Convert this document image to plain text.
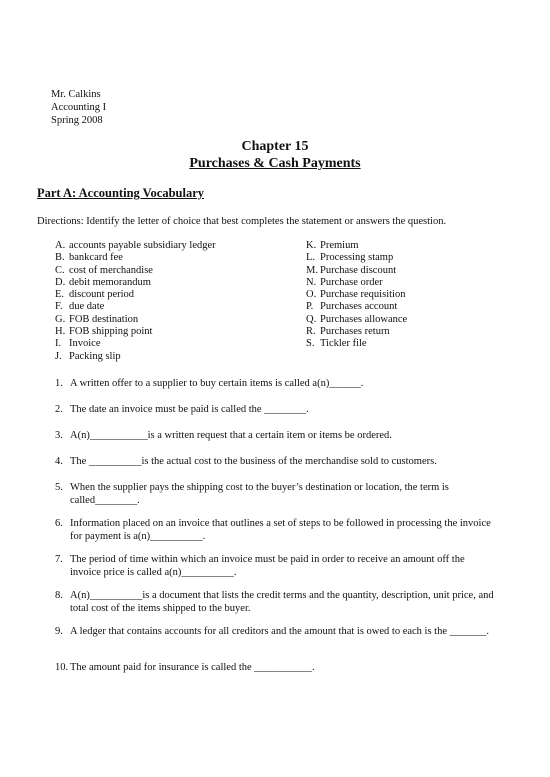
Mr. Calkins
Accounting I
Spring 2008
Chapter 15
Purchases & Cash Payments
Part A: Accounting Vocabulary
Directions: Identify the letter of choice that best completes the statement or answers the question.
A. accounts payable subsidiary ledger
B. bankcard fee
C. cost of merchandise
D. debit memorandum
E. discount period
F. due date
G. FOB destination
H. FOB shipping point
I. Invoice
J. Packing slip
K. Premium
L. Processing stamp
M. Purchase discount
N. Purchase order
O. Purchase requisition
P. Purchases account
Q. Purchases allowance
R. Purchases return
S. Tickler file
1. A written offer to a supplier to buy certain items is called a(n)______.
2. The date an invoice must be paid is called the ________.
3. A(n)___________is a written request that a certain item or items be ordered.
4. The __________is the actual cost to the business of the merchandise sold to customers.
5. When the supplier pays the shipping cost to the buyer’s destination or location, the term is called________.
6. Information placed on an invoice that outlines a set of steps to be followed in processing the invoice for payment is a(n)__________.
7. The period of time within which an invoice must be paid in order to receive an amount off the invoice price is called a(n)__________.
8. A(n)__________is a document that lists the credit terms and the quantity, description, unit price, and total cost of the items shipped to the buyer.
9. A ledger that contains accounts for all creditors and the amount that is owed to each is the _______.
10. The amount paid for insurance is called the ___________.
